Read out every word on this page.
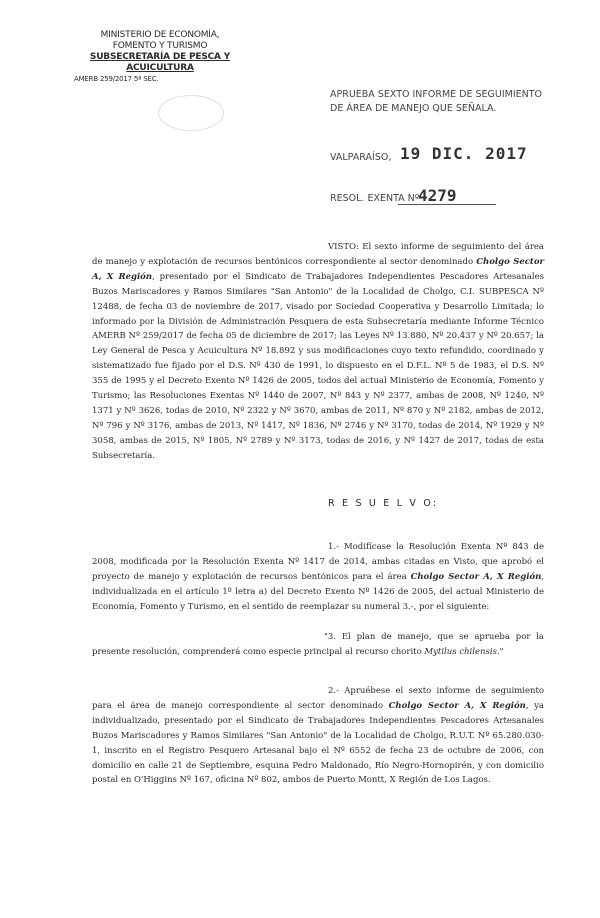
MINISTERIO DE ECONOMÍA,
FOMENTO Y TURISMO
SUBSECRETARÍA DE PESCA Y ACUICULTURA
AMERB 259/2017 5ª SEC.
APRUEBA SEXTO INFORME DE SEGUIMIENTO DE ÁREA DE MANEJO QUE SEÑALA.
VALPARAÍSO, 19 DIC. 2017
RESOL. EXENTA Nº
4279
VISTO: El sexto informe de seguimiento del área de manejo y explotación de recursos bentónicos correspondiente al sector denominado Cholgo Sector A, X Región, presentado por el Sindicato de Trabajadores Independientes Pescadores Artesanales Buzos Mariscadores y Ramos Similares "San Antonio" de la Localidad de Cholgo, C.I. SUBPESCA Nº 12488, de fecha 03 de noviembre de 2017, visado por Sociedad Cooperativa y Desarrollo Limitada; lo informado por la División de Administración Pesquera de esta Subsecretaría mediante Informe Técnico AMERB Nº 259/2017 de fecha 05 de diciembre de 2017; las Leyes Nº 13.880, Nº 20.437 y Nº 20.657; la Ley General de Pesca y Acuicultura Nº 18.892 y sus modificaciones cuyo texto refundido, coordinado y sistematizado fue fijado por el D.S. Nº 430 de 1991, lo dispuesto en el D.F.L. Nº 5 de 1983, el D.S. Nº 355 de 1995 y el Decreto Exento Nº 1426 de 2005, todos del actual Ministerio de Economía, Fomento y Turismo; las Resoluciones Exentas Nº 1440 de 2007, Nº 843 y Nº 2377, ambas de 2008, Nº 1240, Nº 1371 y Nº 3626, todas de 2010, Nº 2322 y Nº 3670, ambas de 2011, Nº 870 y Nº 2182, ambas de 2012, Nº 796 y Nº 3176, ambas de 2013, Nº 1417, Nº 1836, Nº 2746 y Nº 3170, todas de 2014, Nº 1929 y Nº 3058, ambas de 2015, Nº 1805, Nº 2789 y Nº 3173, todas de 2016, y Nº 1427 de 2017, todas de esta Subsecretaría.
R E S U E L V O:
1.- Modifícase la Resolución Exenta Nº 843 de 2008, modificada por la Resolución Exenta Nº 1417 de 2014, ambas citadas en Visto, que aprobó el proyecto de manejo y explotación de recursos bentónicos para el área Cholgo Sector A, X Región, individualizada en el artículo 1º letra a) del Decreto Exento Nº 1426 de 2005, del actual Ministerio de Economía, Fomento y Turismo, en el sentido de reemplazar su numeral 3.-, por el siguiente:
"3. El plan de manejo, que se aprueba por la presente resolución, comprenderá como especie principal al recurso chorito Mytilus chilensis."
2.- Apruébese el sexto informe de seguimiento para el área de manejo correspondiente al sector denominado Cholgo Sector A, X Región, ya individualizado, presentado por el Sindicato de Trabajadores Independientes Pescadores Artesanales Buzos Mariscadores y Ramos Similares "San Antonio" de la Localidad de Cholgo, R.U.T. Nº 65.280.030-1, inscrito en el Registro Pesquero Artesanal bajo el Nº 6552 de fecha 23 de octubre de 2006, con domicilio en calle 21 de Septiembre, esquina Pedro Maldonado, Río Negro-Hornopirén, y con domicilio postal en O'Higgins Nº 167, oficina Nº 802, ambos de Puerto Montt, X Región de Los Lagos.
